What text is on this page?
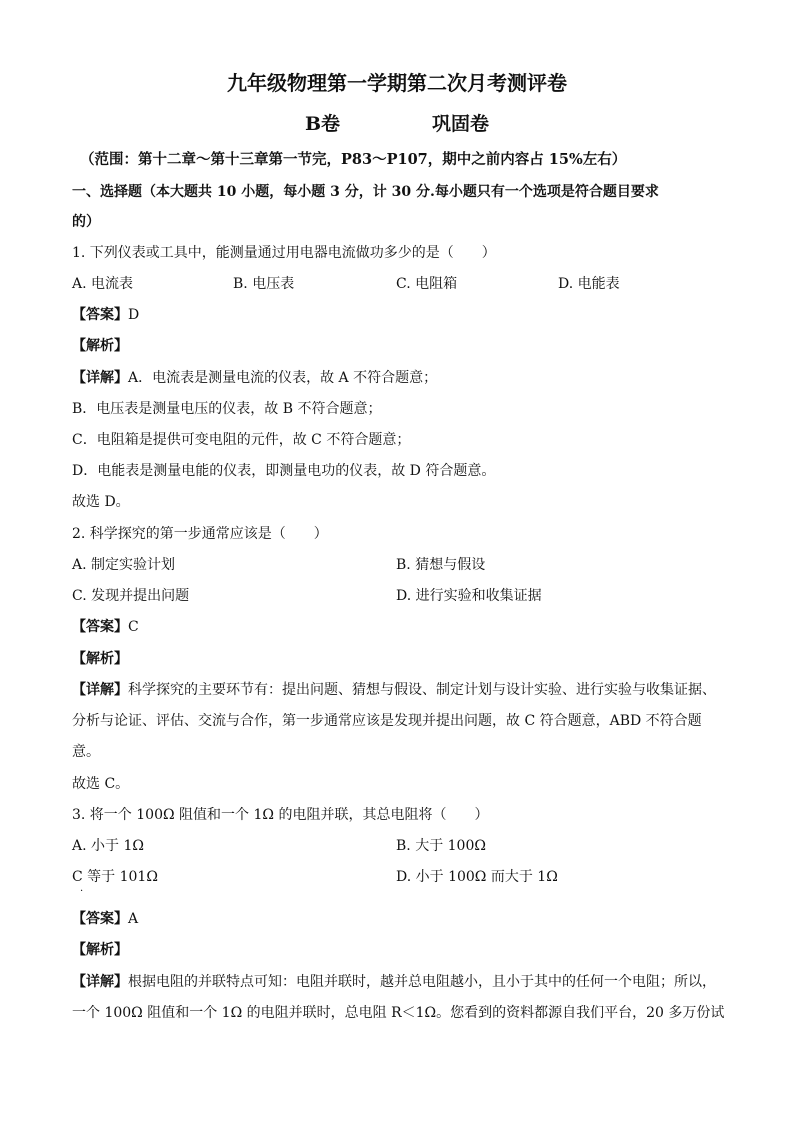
九年级物理第一学期第二次月考测评卷
B卷	巩固卷
（范围：第十二章～第十三章第一节完，P83～P107，期中之前内容占 15%左右）
一、选择题（本大题共 10 小题，每小题 3 分，计 30 分.每小题只有一个选项是符合题目要求
的）
1. 下列仪表或工具中，能测量通过用电器电流做功多少的是（　　）
A. 电流表	B. 电压表	C. 电阻箱	D. 电能表
【答案】D
【解析】
【详解】A．电流表是测量电流的仪表，故 A 不符合题意；
B．电压表是测量电压的仪表，故 B 不符合题意；
C．电阻箱是提供可变电阻的元件，故 C 不符合题意；
D．电能表是测量电能的仪表，即测量电功的仪表，故 D 符合题意。
故选 D。
2. 科学探究的第一步通常应该是（　　）
A. 制定实验计划	B. 猜想与假设
C. 发现并提出问题	D. 进行实验和收集证据
【答案】C
【解析】
【详解】科学探究的主要环节有：提出问题、猜想与假设、制定计划与设计实验、进行实验与收集证据、
分析与论证、评估、交流与合作，第一步通常应该是发现并提出问题，故 C 符合题意，ABD 不符合题
意。
故选 C。
3. 将一个 100Ω 阻值和一个 1Ω 的电阻并联，其总电阻将（　　）
A. 小于 1Ω	B. 大于 100Ω
C 等于 101Ω	D. 小于 100Ω 而大于 1Ω
·
【答案】A
【解析】
【详解】根据电阻的并联特点可知：电阻并联时，越并总电阻越小，且小于其中的任何一个电阻；所以，
一个 100Ω 阻值和一个 1Ω 的电阻并联时，总电阻 R＜1Ω。您看到的资料都源自我们平台，20 多万份试
